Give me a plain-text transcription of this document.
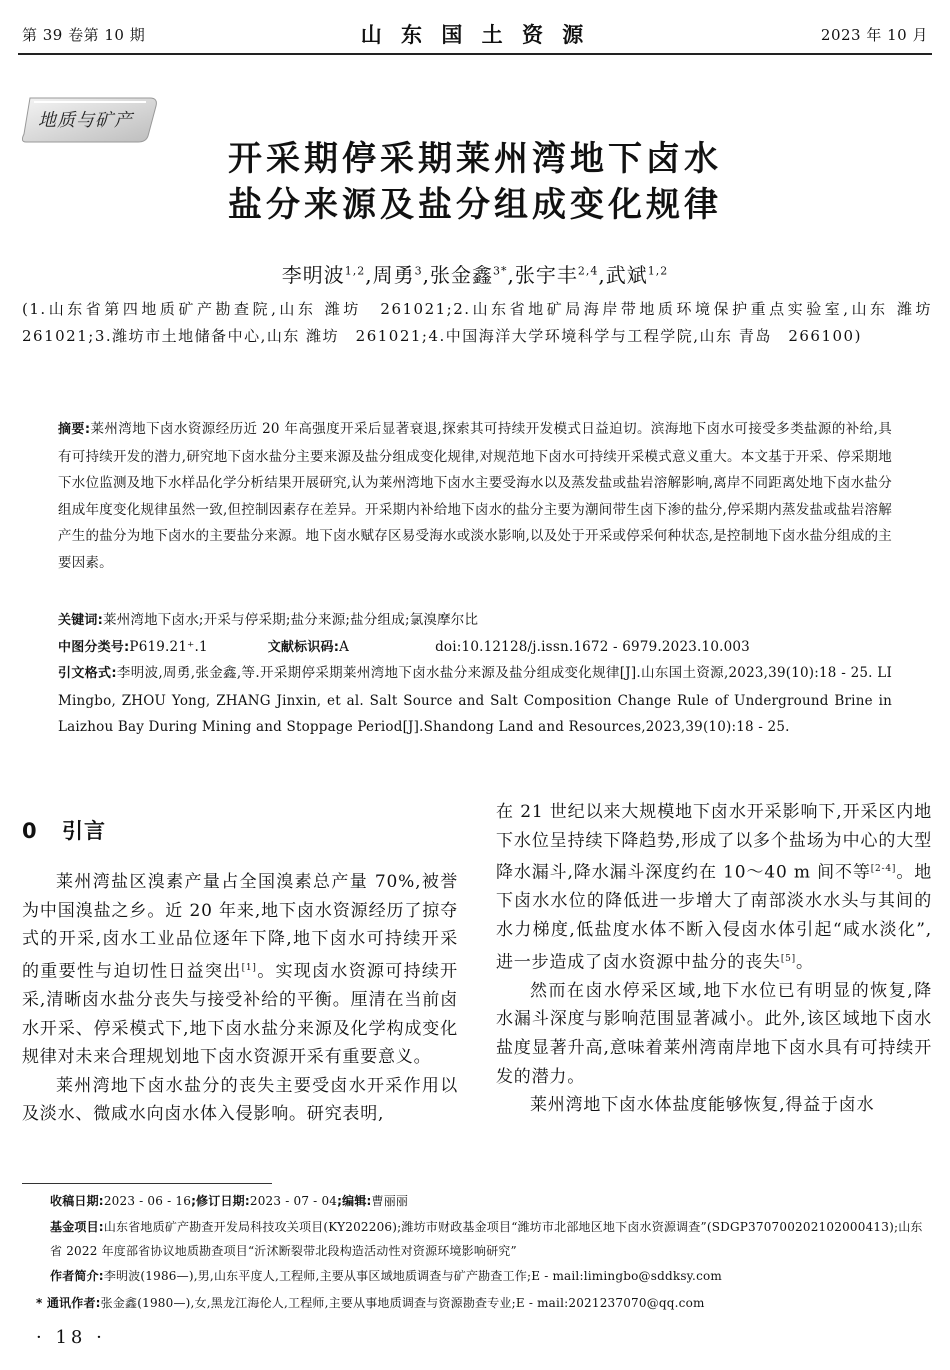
第 39 卷第 10 期	山 东 国 土 资 源	2023 年 10 月
地质与矿产
开采期停采期莱州湾地下卤水
盐分来源及盐分组成变化规律
李明波$^{1,2}$,周勇$^3$,张金鑫$^{3*}$,张宇丰$^{2,4}$,武斌$^{1,2}$
(1.山东省第四地质矿产勘查院,山东 潍坊　261021;2.山东省地矿局海岸带地质环境保护重点实验室,山东 潍坊　261021;3.潍坊市土地储备中心,山东 潍坊　261021;4.中国海洋大学环境科学与工程学院,山东 青岛　266100)
摘要:莱州湾地下卤水资源经历近 20 年高强度开采后显著衰退,探索其可持续开发模式日益迫切。滨海地下卤水可接受多类盐源的补给,具有可持续开发的潜力,研究地下卤水盐分主要来源及盐分组成变化规律,对规范地下卤水可持续开采模式意义重大。本文基于开采、停采期地下水位监测及地下水样品化学分析结果开展研究,认为莱州湾地下卤水主要受海水以及蒸发盐或盐岩溶解影响,离岸不同距离处地下卤水盐分组成年度变化规律虽然一致,但控制因素存在差异。开采期内补给地下卤水的盐分主要为潮间带生卤下渗的盐分,停采期内蒸发盐或盐岩溶解产生的盐分为地下卤水的主要盐分来源。地下卤水赋存区易受海水或淡水影响,以及处于开采或停采何种状态,是控制地下卤水盐分组成的主要因素。
关键词:莱州湾地下卤水;开采与停采期;盐分来源;盐分组成;氯溴摩尔比
中图分类号:P619.21⁺.1	文献标识码:A	doi:10.12128/j.issn.1672 - 6979.2023.10.003
引文格式:李明波,周勇,张金鑫,等.开采期停采期莱州湾地下卤水盐分来源及盐分组成变化规律[J].山东国土资源,2023,39(10):18 - 25. LI Mingbo, ZHOU Yong, ZHANG Jinxin, et al. Salt Source and Salt Composition Change Rule of Underground Brine in Laizhou Bay During Mining and Stoppage Period[J].Shandong Land and Resources,2023,39(10):18 - 25.
0 引言

莱州湾盐区溴素产量占全国溴素总产量 70%,被誉为中国溴盐之乡。近 20 年来,地下卤水资源经历了掠夺式的开采,卤水工业品位逐年下降,地下卤水可持续开采的重要性与迫切性日益突出[1]。实现卤水资源可持续开采,清晰卤水盐分丧失与接受补给的平衡。厘清在当前卤水开采、停采模式下,地下卤水盐分来源及化学构成变化规律对未来合理规划地下卤水资源开采有重要意义。

莱州湾地下卤水盐分的丧失主要受卤水开采作用以及淡水、微咸水向卤水体入侵影响。研究表明,

在 21 世纪以来大规模地下卤水开采影响下,开采区内地下水位呈持续下降趋势,形成了以多个盐场为中心的大型降水漏斗,降水漏斗深度约在 10～40 m 间不等[2-4]。地下卤水水位的降低进一步增大了南部淡水水头与其间的水力梯度,低盐度水体不断入侵卤水体引起“咸水淡化”,进一步造成了卤水资源中盐分的丧失[5]。

然而在卤水停采区域,地下水位已有明显的恢复,降水漏斗深度与影响范围显著减小。此外,该区域地下卤水盐度显著升高,意味着莱州湾南岸地下卤水具有可持续开发的潜力。

莱州湾地下卤水体盐度能够恢复,得益于卤水

收稿日期:2023 - 06 - 16;修订日期:2023 - 07 - 04;编辑:曹丽丽
基金项目:山东省地质矿产勘查开发局科技攻关项目(KY202206);潍坊市财政基金项目“潍坊市北部地区地下卤水资源调查”(SDGP370700202102000413);山东省 2022 年度部省协议地质勘查项目“沂沭断裂带北段构造活动性对资源环境影响研究”
作者简介:李明波(1986—),男,山东平度人,工程师,主要从事区域地质调查与矿产勘查工作;E - mail:limingbo@sddksy.com
* 通讯作者:张金鑫(1980—),女,黑龙江海伦人,工程师,主要从事地质调查与资源勘查专业;E - mail:2021237070@qq.com
· 18 ·
